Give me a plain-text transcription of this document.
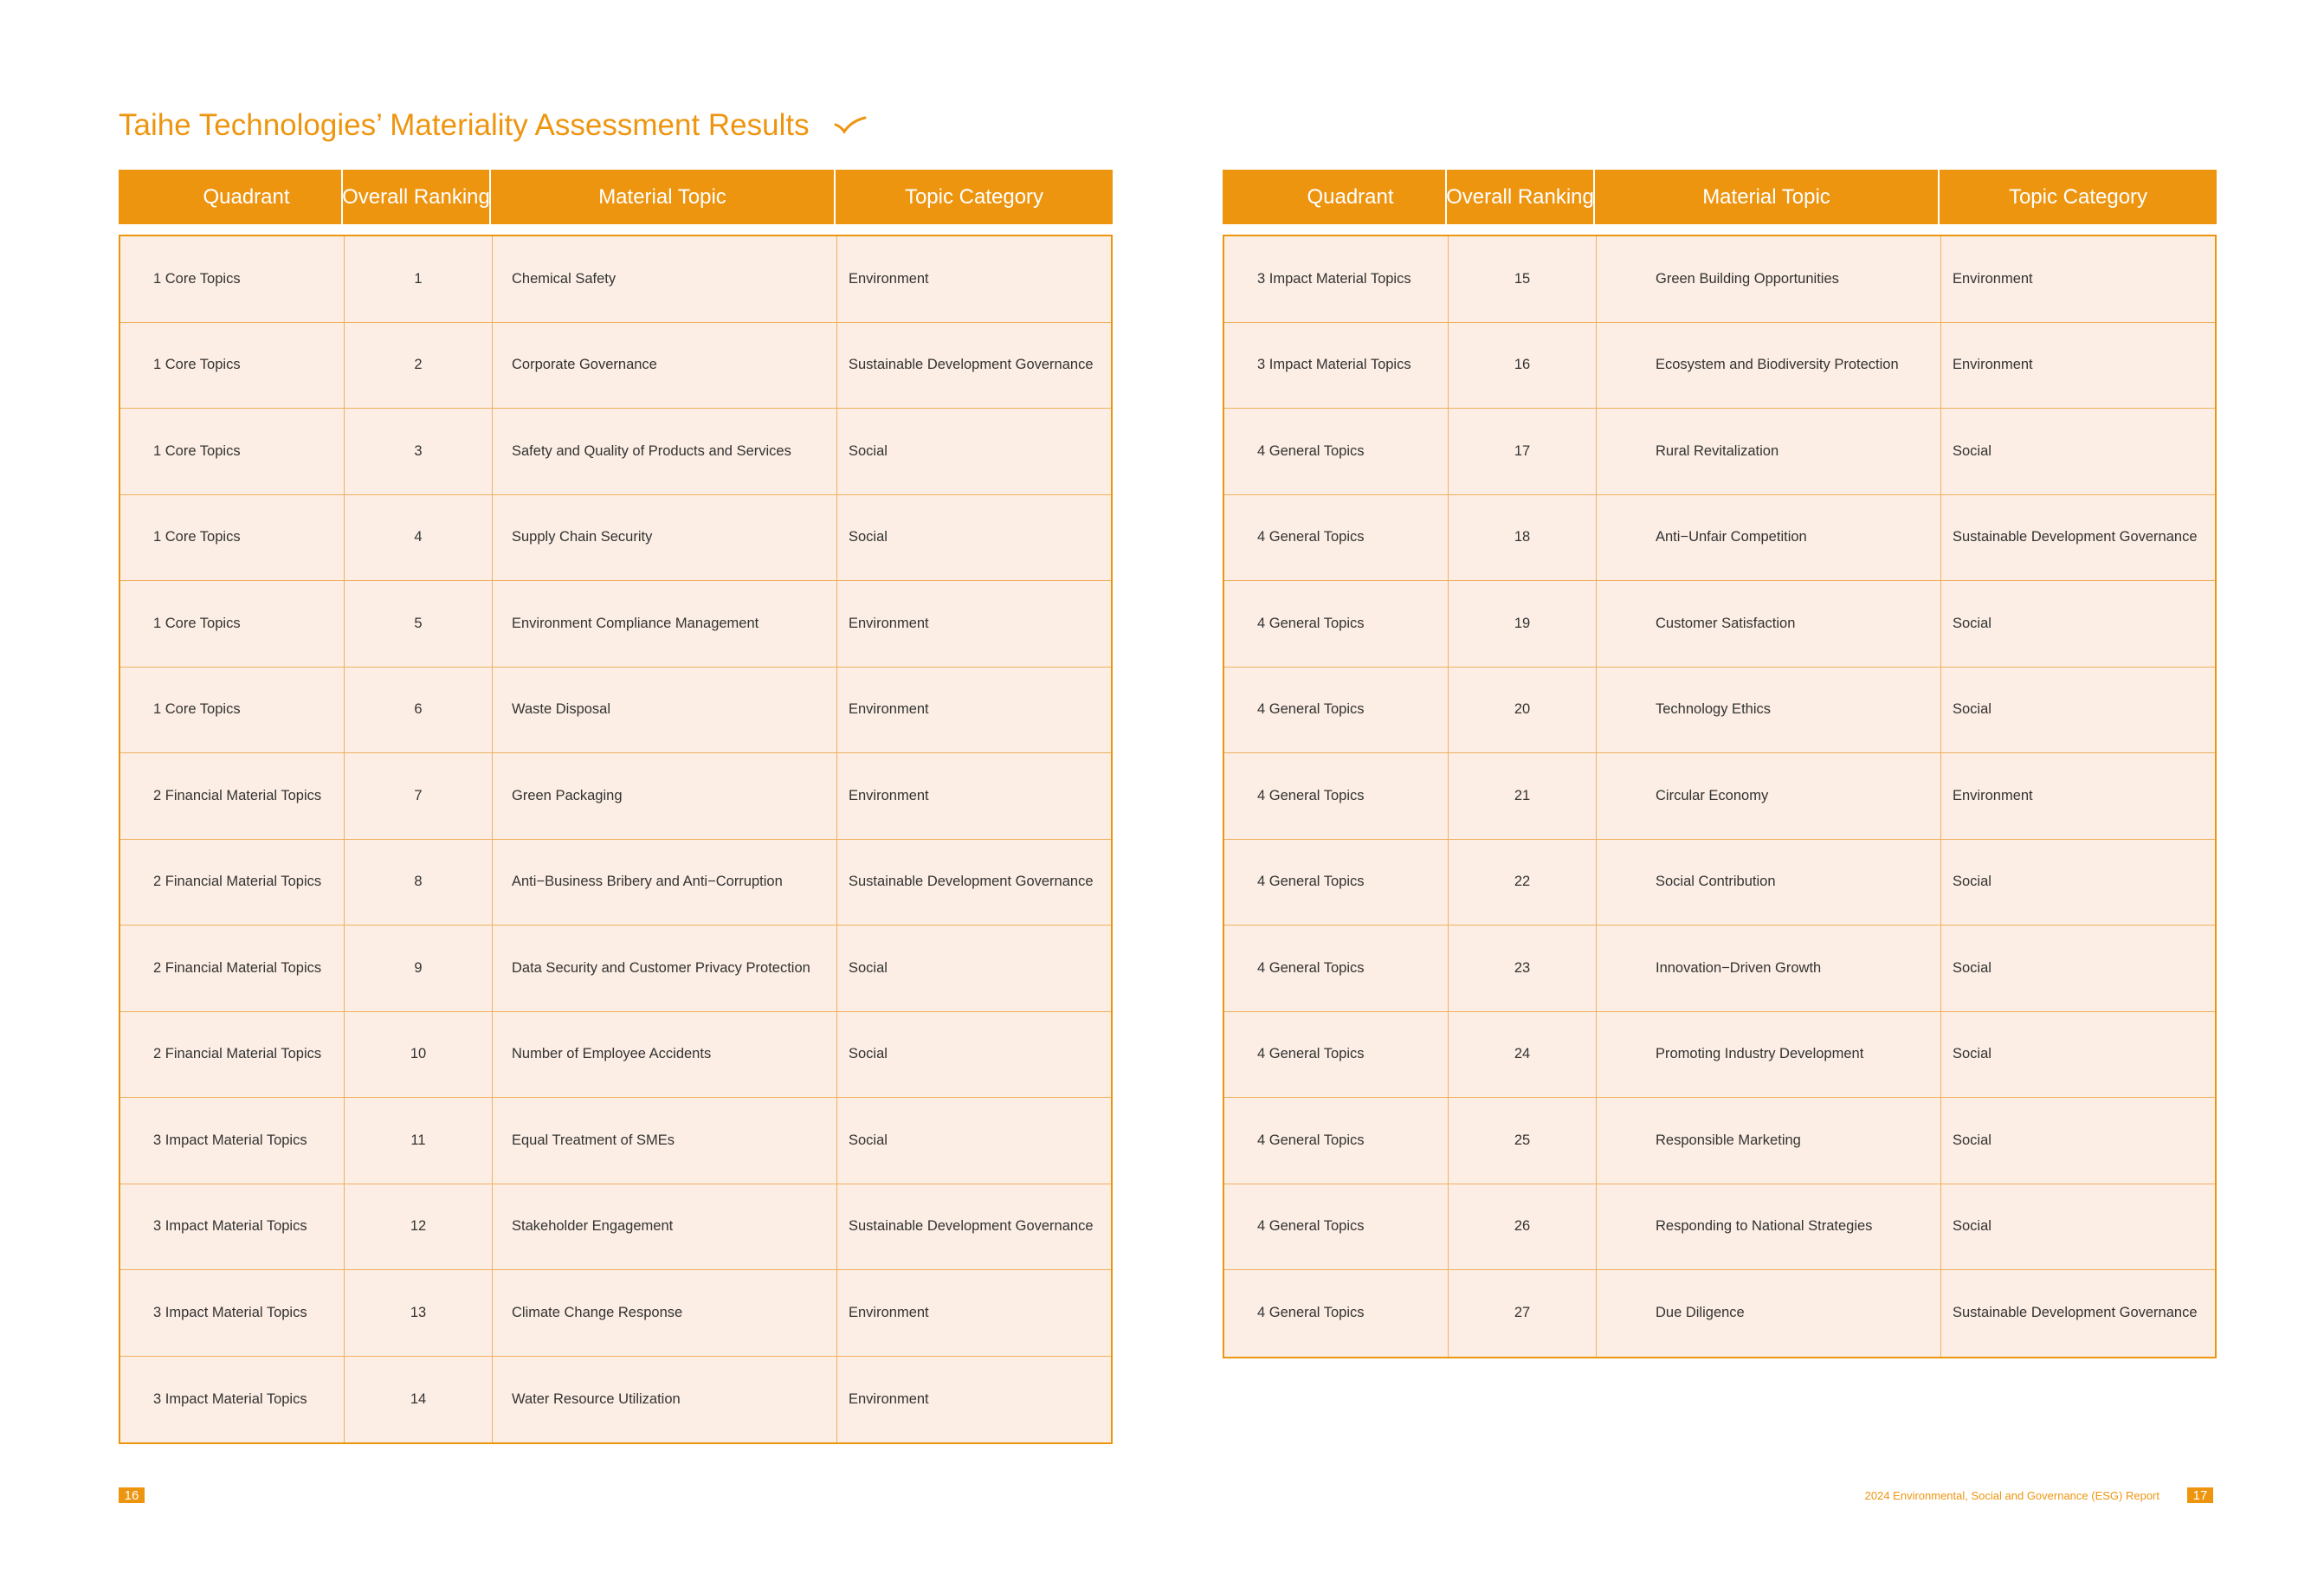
Taihe Technologies’ Materiality Assessment Results
Quadrant	Overall Ranking	Material Topic	Topic Category
1 Core Topics	1	Chemical Safety	Environment
1 Core Topics	2	Corporate Governance	Sustainable Development Governance
1 Core Topics	3	Safety and Quality of Products and Services	Social
1 Core Topics	4	Supply Chain Security	Social
1 Core Topics	5	Environment Compliance Management	Environment
1 Core Topics	6	Waste Disposal	Environment
2 Financial Material Topics	7	Green Packaging	Environment
2 Financial Material Topics	8	Anti−Business Bribery and Anti−Corruption	Sustainable Development Governance
2 Financial Material Topics	9	Data Security and Customer Privacy Protection	Social
2 Financial Material Topics	10	Number of Employee Accidents	Social
3 Impact Material Topics	11	Equal Treatment of SMEs	Social
3 Impact Material Topics	12	Stakeholder Engagement	Sustainable Development Governance
3 Impact Material Topics	13	Climate Change Response	Environment
3 Impact Material Topics	14	Water Resource Utilization	Environment
Quadrant	Overall Ranking	Material Topic	Topic Category
3 Impact Material Topics	15	Green Building Opportunities	Environment
3 Impact Material Topics	16	Ecosystem and Biodiversity Protection	Environment
4 General Topics	17	Rural Revitalization	Social
4 General Topics	18	Anti−Unfair Competition	Sustainable Development Governance
4 General Topics	19	Customer Satisfaction	Social
4 General Topics	20	Technology Ethics	Social
4 General Topics	21	Circular Economy	Environment
4 General Topics	22	Social Contribution	Social
4 General Topics	23	Innovation−Driven Growth	Social
4 General Topics	24	Promoting Industry Development	Social
4 General Topics	25	Responsible Marketing	Social
4 General Topics	26	Responding to National Strategies	Social
4 General Topics	27	Due Diligence	Sustainable Development Governance
16	2024 Environmental, Social and Governance (ESG) Report	17
